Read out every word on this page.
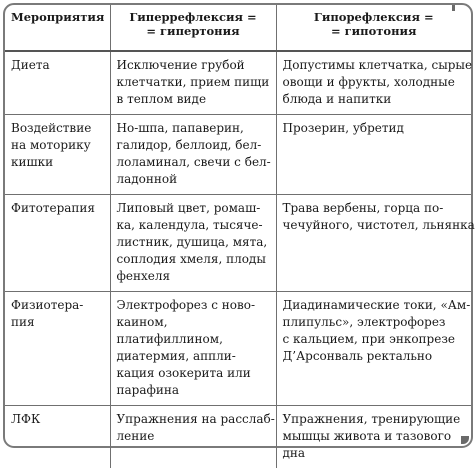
Мероприятия	Гиперрефлексия =
= гипертония	Гипорефлексия =
= гипотония

Диета	Исключение грубой
клетчатки, прием пищи
в теплом виде	Допустимы клетчатка, сырые
овощи и фрукты, холодные
блюда и напитки

Воздействие
на моторику
кишки	Но-шпа, папаверин,
галидор, беллоид, бел-
лоламинал, свечи с бел-
ладонной	Прозерин, убретид

Фитотерапия	Липовый цвет, ромаш-
ка, календула, тысяче-
листник, душица, мята,
соплодия хмеля, плоды
фенхеля	Трава вербены, горца по-
чечуйного, чистотел, льнянка

Физиотера-
пия	Электрофорез с ново-
каином, платифиллином, диатермия, аппли-
кация озокерита или
парафина	Диадинамические токи, «Ам-
плипульс», электрофорез
с кальцием, при энкопрезе
Д’Арсонваль ректально

ЛФК	Упражнения на расслаб-
ление	Упражнения, тренирующие
мышцы живота и тазового
дна
